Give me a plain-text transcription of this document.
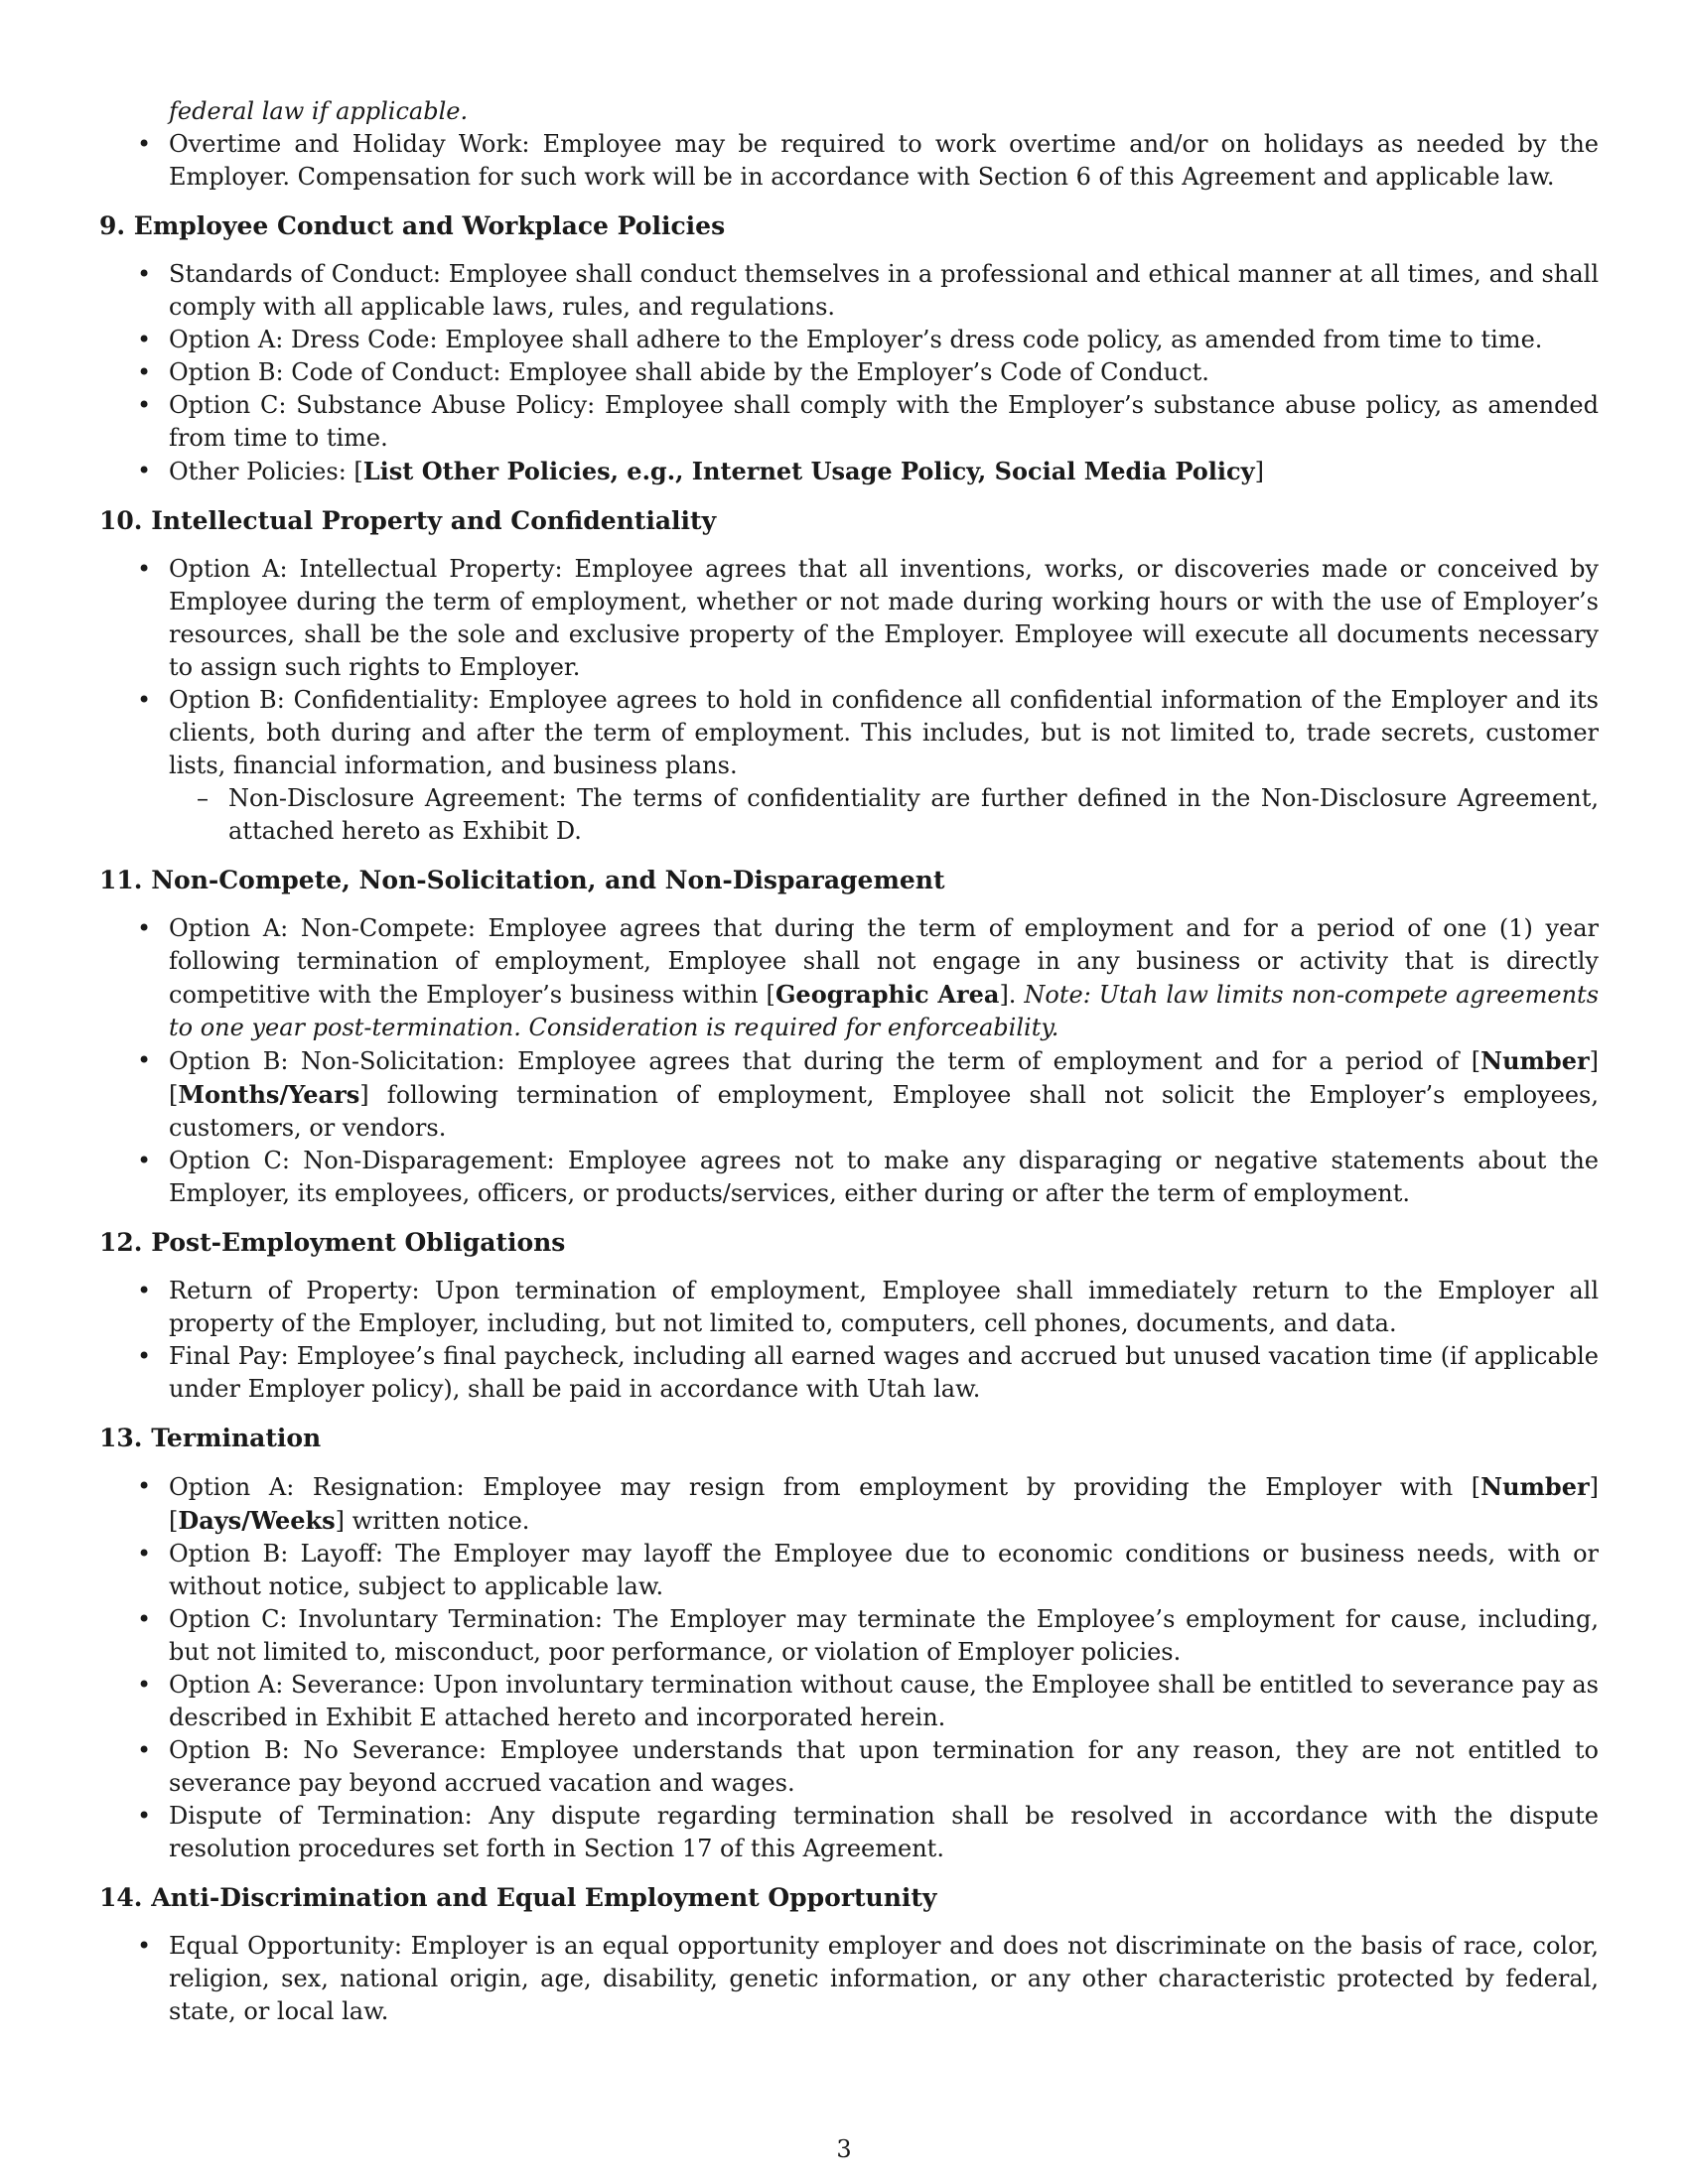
federal law if applicable.

• Overtime and Holiday Work: Employee may be required to work overtime and/or on holidays as needed by the Employer. Compensation for such work will be in accordance with Section 6 of this Agreement and applicable law.
9. Employee Conduct and Workplace Policies
• Standards of Conduct: Employee shall conduct themselves in a professional and ethical manner at all times, and shall comply with all applicable laws, rules, and regulations.
• Option A: Dress Code: Employee shall adhere to the Employer’s dress code policy, as amended from time to time.
• Option B: Code of Conduct: Employee shall abide by the Employer’s Code of Conduct.
• Option C: Substance Abuse Policy: Employee shall comply with the Employer’s substance abuse policy, as amended from time to time.
• Other Policies: [List Other Policies, e.g., Internet Usage Policy, Social Media Policy]
10. Intellectual Property and Confidentiality
• Option A: Intellectual Property: Employee agrees that all inventions, works, or discoveries made or conceived by Employee during the term of employment, whether or not made during working hours or with the use of Employer’s resources, shall be the sole and exclusive property of the Employer. Employee will execute all documents necessary to assign such rights to Employer.
• Option B: Confidentiality: Employee agrees to hold in confidence all confidential information of the Employer and its clients, both during and after the term of employment. This includes, but is not limited to, trade secrets, customer lists, financial information, and business plans.
– Non-Disclosure Agreement: The terms of confidentiality are further defined in the Non-Disclosure Agreement, attached hereto as Exhibit D.
11. Non-Compete, Non-Solicitation, and Non-Disparagement
• Option A: Non-Compete: Employee agrees that during the term of employment and for a period of one (1) year following termination of employment, Employee shall not engage in any business or activity that is directly competitive with the Employer’s business within [Geographic Area]. Note: Utah law limits non-compete agreements to one year post-termination. Consideration is required for enforceability.
• Option B: Non-Solicitation: Employee agrees that during the term of employment and for a period of [Number] [Months/Years] following termination of employment, Employee shall not solicit the Employer’s employees, customers, or vendors.
• Option C: Non-Disparagement: Employee agrees not to make any disparaging or negative statements about the Employer, its employees, officers, or products/services, either during or after the term of employment.
12. Post-Employment Obligations
• Return of Property: Upon termination of employment, Employee shall immediately return to the Employer all property of the Employer, including, but not limited to, computers, cell phones, documents, and data.
• Final Pay: Employee’s final paycheck, including all earned wages and accrued but unused vacation time (if applicable under Employer policy), shall be paid in accordance with Utah law.
13. Termination
• Option A: Resignation: Employee may resign from employment by providing the Employer with [Number] [Days/Weeks] written notice.
• Option B: Layoff: The Employer may layoff the Employee due to economic conditions or business needs, with or without notice, subject to applicable law.
• Option C: Involuntary Termination: The Employer may terminate the Employee’s employment for cause, including, but not limited to, misconduct, poor performance, or violation of Employer policies.
• Option A: Severance: Upon involuntary termination without cause, the Employee shall be entitled to severance pay as described in Exhibit E attached hereto and incorporated herein.
• Option B: No Severance: Employee understands that upon termination for any reason, they are not entitled to severance pay beyond accrued vacation and wages.
• Dispute of Termination: Any dispute regarding termination shall be resolved in accordance with the dispute resolution procedures set forth in Section 17 of this Agreement.
14. Anti-Discrimination and Equal Employment Opportunity
• Equal Opportunity: Employer is an equal opportunity employer and does not discriminate on the basis of race, color, religion, sex, national origin, age, disability, genetic information, or any other characteristic protected by federal, state, or local law.
3
